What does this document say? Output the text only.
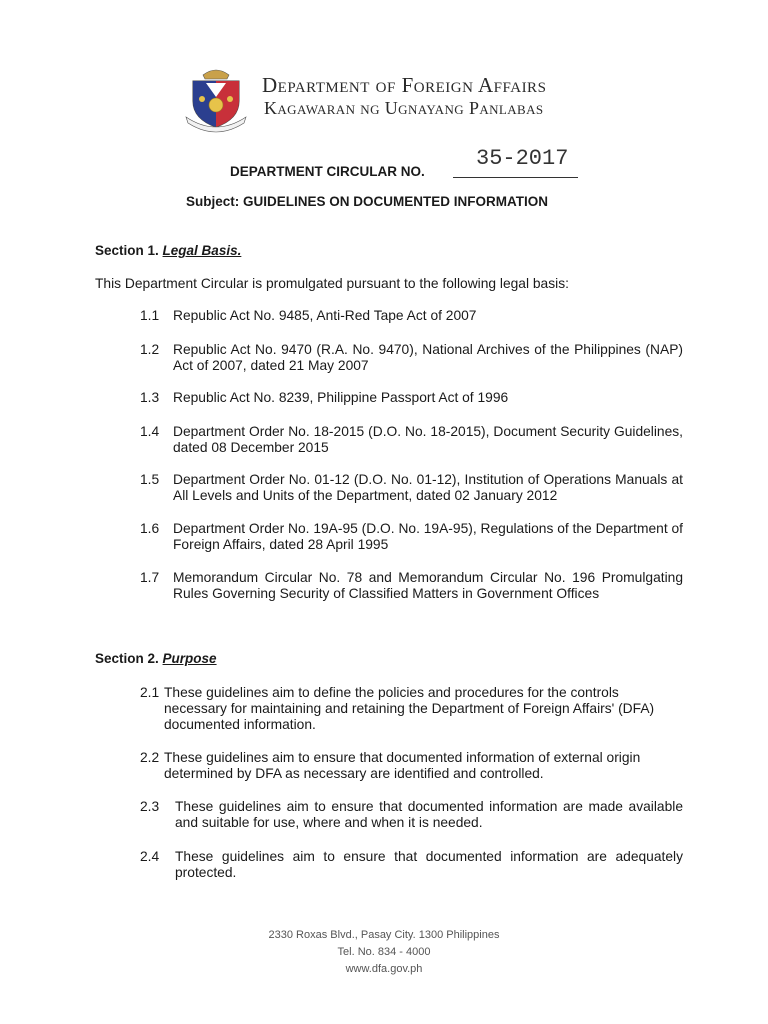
Department of Foreign Affairs
Kagawaran ng Ugnayang Panlabas
DEPARTMENT CIRCULAR NO.
35-2017
Subject: GUIDELINES ON DOCUMENTED INFORMATION
Section 1. Legal Basis.
This Department Circular is promulgated pursuant to the following legal basis:
1.1 Republic Act No. 9485, Anti-Red Tape Act of 2007
1.2 Republic Act No. 9470 (R.A. No. 9470), National Archives of the Philippines (NAP) Act of 2007, dated 21 May 2007
1.3 Republic Act No. 8239, Philippine Passport Act of 1996
1.4 Department Order No. 18-2015 (D.O. No. 18-2015), Document Security Guidelines, dated 08 December 2015
1.5 Department Order No. 01-12 (D.O. No. 01-12), Institution of Operations Manuals at All Levels and Units of the Department, dated 02 January 2012
1.6 Department Order No. 19A-95 (D.O. No. 19A-95), Regulations of the Department of Foreign Affairs, dated 28 April 1995
1.7 Memorandum Circular No. 78 and Memorandum Circular No. 196 Promulgating Rules Governing Security of Classified Matters in Government Offices
Section 2. Purpose
2.1 These guidelines aim to define the policies and procedures for the controls necessary for maintaining and retaining the Department of Foreign Affairs' (DFA) documented information.
2.2 These guidelines aim to ensure that documented information of external origin determined by DFA as necessary are identified and controlled.
2.3 These guidelines aim to ensure that documented information are made available and suitable for use, where and when it is needed.
2.4 These guidelines aim to ensure that documented information are adequately protected.
2330 Roxas Blvd., Pasay City. 1300 Philippines
Tel. No. 834 - 4000
www.dfa.gov.ph
